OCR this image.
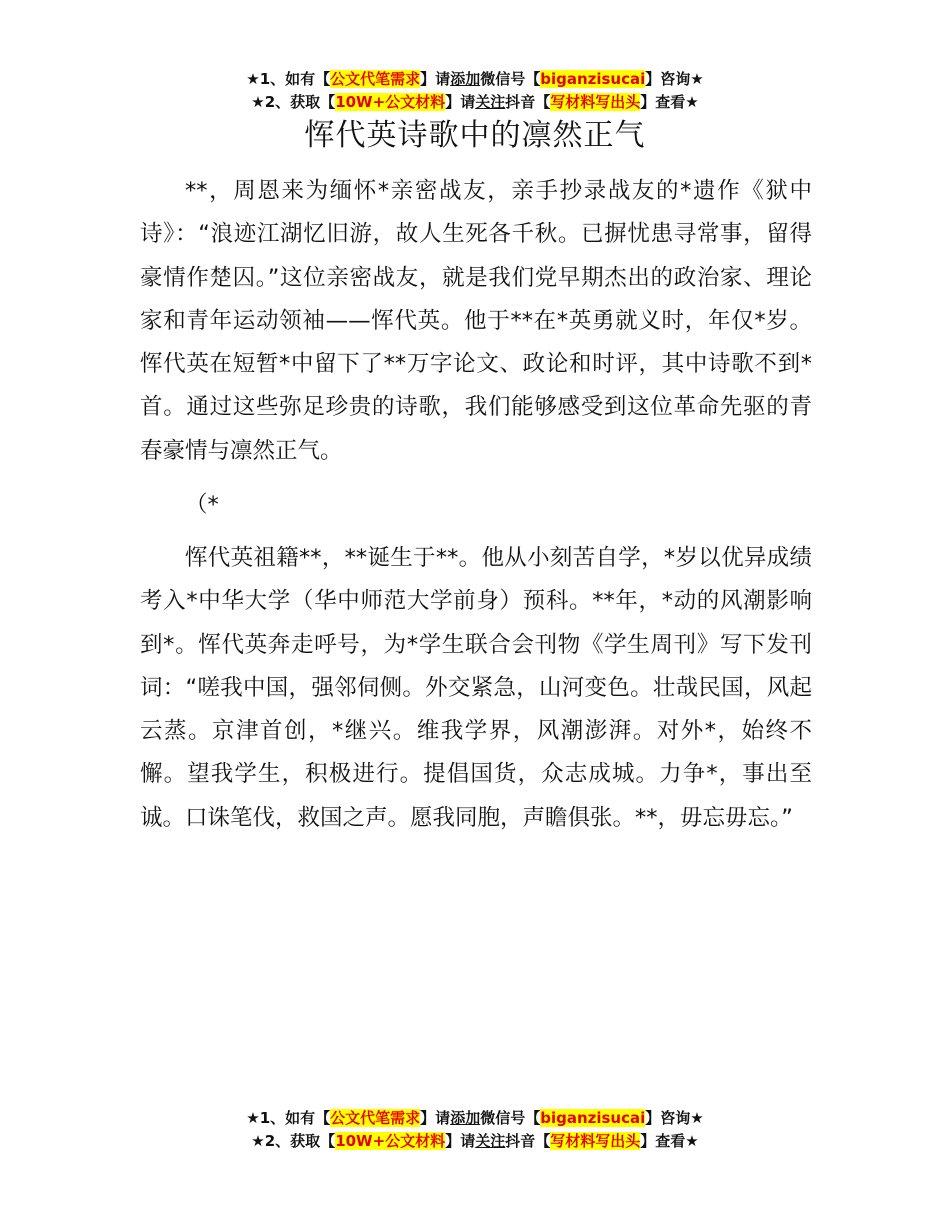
★1、如有【公文代笔需求】请添加微信号【biganzisucai】咨询★
★2、获取【10W+公文材料】请关注抖音【写材料写出头】查看★
恽代英诗歌中的凛然正气

**，周恩来为缅怀*亲密战友，亲手抄录战友的*遗作《狱中诗》：“浪迹江湖忆旧游，故人生死各千秋。已摒忧患寻常事，留得豪情作楚囚。”这位亲密战友，就是我们党早期杰出的政治家、理论家和青年运动领袖——恽代英。他于**在*英勇就义时，年仅*岁。恽代英在短暂*中留下了**万字论文、政论和时评，其中诗歌不到*首。通过这些弥足珍贵的诗歌，我们能够感受到这位革命先驱的青春豪情与凛然正气。

（*

恽代英祖籍**，**诞生于**。他从小刻苦自学，*岁以优异成绩考入*中华大学（华中师范大学前身）预科。**年，*动的风潮影响到*。恽代英奔走呼号，为*学生联合会刊物《学生周刊》写下发刊词：“嗟我中国，强邻伺侧。外交紧急，山河变色。壮哉民国，风起云蒸。京津首创，*继兴。维我学界，风潮澎湃。对外*，始终不懈。望我学生，积极进行。提倡国货，众志成城。力争*，事出至诚。口诛笔伐，救国之声。愿我同胞，声瞻俱张。**，毋忘毋忘。”

★1、如有【公文代笔需求】请添加微信号【biganzisucai】咨询★
★2、获取【10W+公文材料】请关注抖音【写材料写出头】查看★
